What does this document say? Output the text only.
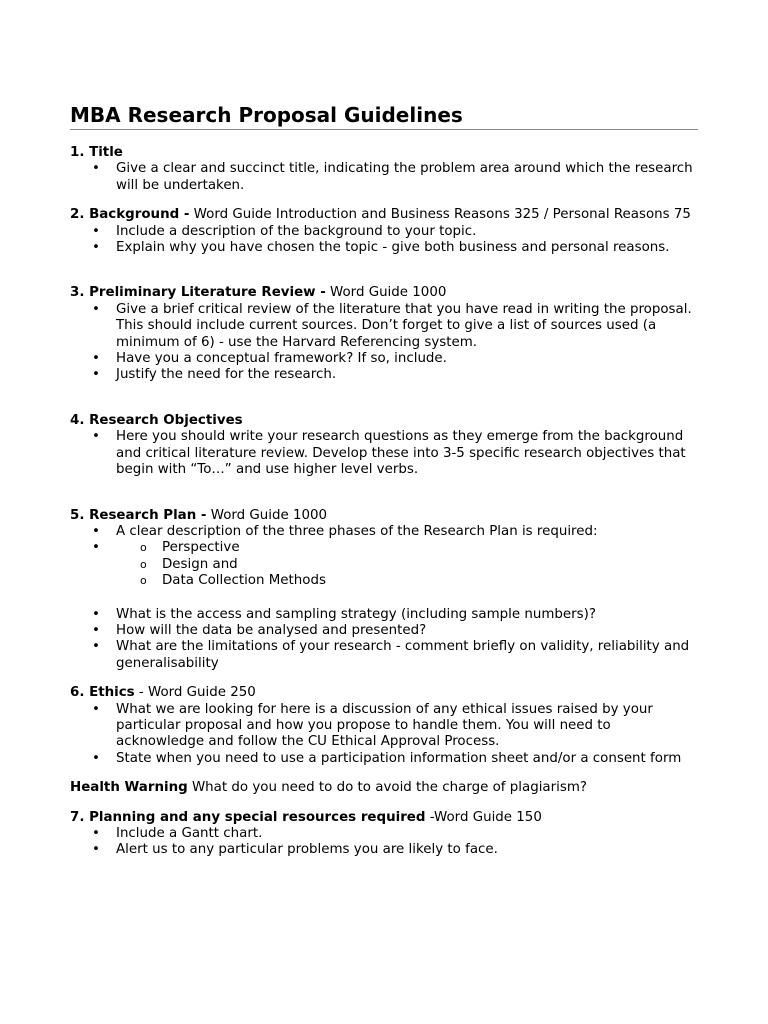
MBA Research Proposal Guidelines

1. Title

• Give a clear and succinct title, indicating the problem area around which the research will be undertaken.

2. Background - Word Guide Introduction and Business Reasons 325 / Personal Reasons 75

• Include a description of the background to your topic.
• Explain why you have chosen the topic - give both business and personal reasons.

3. Preliminary Literature Review - Word Guide 1000

• Give a brief critical review of the literature that you have read in writing the proposal. This should include current sources. Don’t forget to give a list of sources used (a minimum of 6) - use the Harvard Referencing system.
• Have you a conceptual framework? If so, include.
• Justify the need for the research.

4. Research Objectives

• Here you should write your research questions as they emerge from the background and critical literature review. Develop these into 3-5 specific research objectives that begin with “To…” and use higher level verbs.

5. Research Plan - Word Guide 1000

• A clear description of the three phases of the Research Plan is required:
o • Perspective
o Design and
o Data Collection Methods
• What is the access and sampling strategy (including sample numbers)?
• How will the data be analysed and presented?
• What are the limitations of your research - comment briefly on validity, reliability and generalisability

6. Ethics - Word Guide 250

• What we are looking for here is a discussion of any ethical issues raised by your particular proposal and how you propose to handle them. You will need to acknowledge and follow the CU Ethical Approval Process.
• State when you need to use a participation information sheet and/or a consent form

Health Warning What do you need to do to avoid the charge of plagiarism?

7. Planning and any special resources required -Word Guide 150

• Include a Gantt chart.
• Alert us to any particular problems you are likely to face.
